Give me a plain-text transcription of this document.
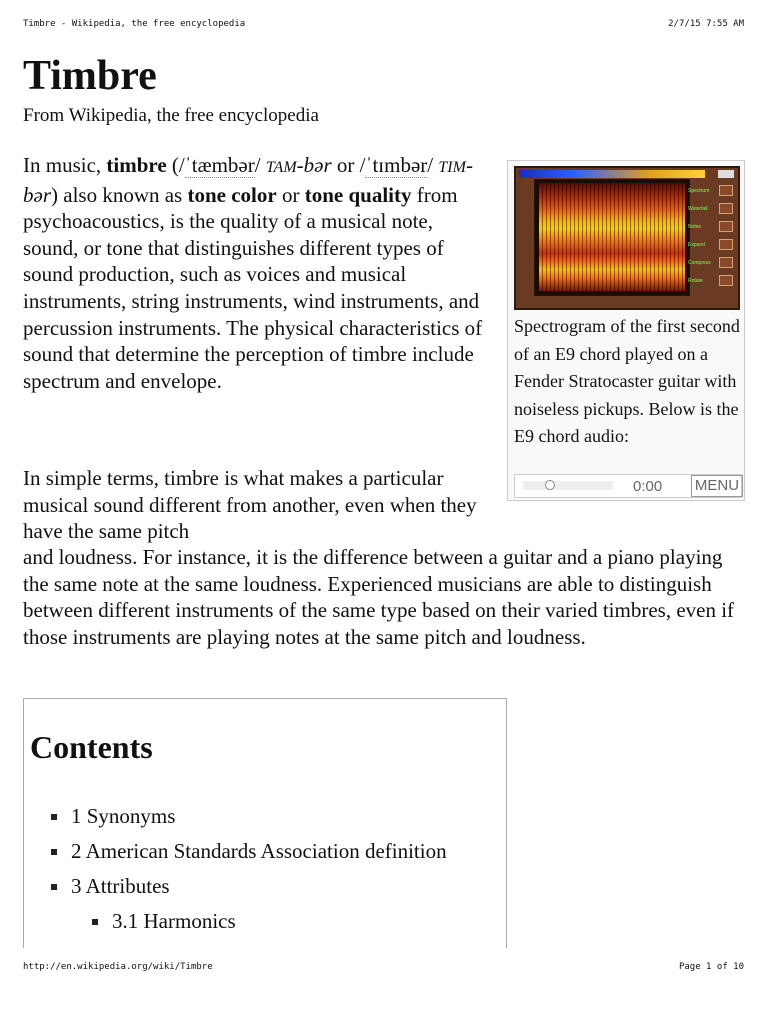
Timbre - Wikipedia, the free encyclopedia	2/7/15 7:55 AM
Timbre
From Wikipedia, the free encyclopedia

In music, timbre (/ˈtæmbər/ TAM-bər or /ˈtɪmbər/ TIM-bər) also known as tone color or tone quality from psychoacoustics, is the quality of a musical note, sound, or tone that distinguishes different types of sound production, such as voices and musical instruments, string instruments, wind instruments, and percussion instruments. The physical characteristics of sound that determine the perception of timbre include spectrum and envelope.

In simple terms, timbre is what makes a particular musical sound different from another, even when they have the same pitch

and loudness. For instance, it is the difference between a guitar and a piano playing the same note at the same loudness. Experienced musicians are able to distinguish between different instruments of the same type based on their varied timbres, even if those instruments are playing notes at the same pitch and loudness.

Spectrum
Waterfall
Notes
Expand
Compress
Rotate
Spectrogram of the first second of an E9 chord played on a Fender Stratocaster guitar with noiseless pickups. Below is the E9 chord audio:
0:00 MENU
Contents
1 Synonyms
2 American Standards Association definition
3 Attributes
3.1 Harmonics
http://en.wikipedia.org/wiki/Timbre	Page 1 of 10
